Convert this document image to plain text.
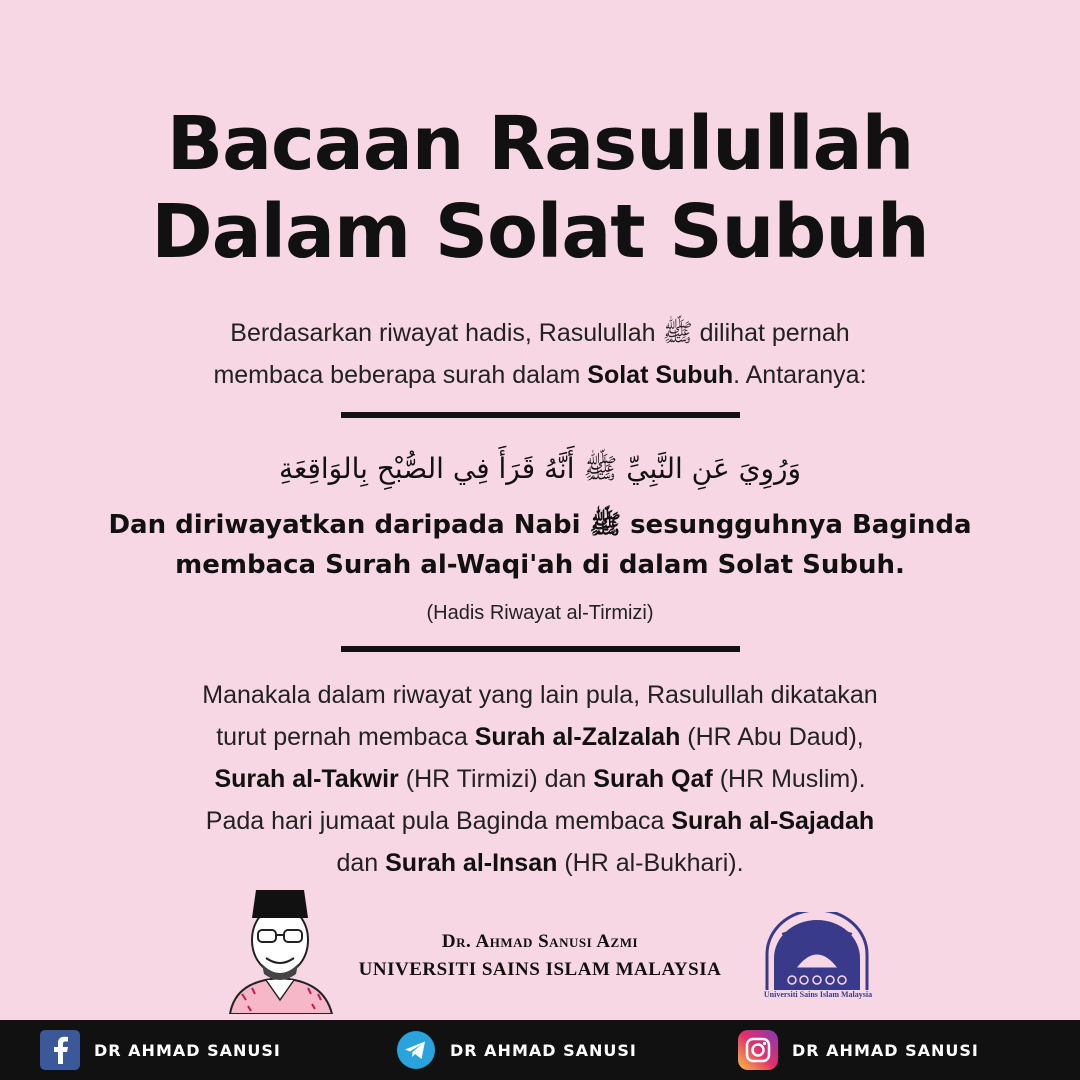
Bacaan Rasulullah
Dalam Solat Subuh
Berdasarkan riwayat hadis, Rasulullah ﷺ dilihat pernah
membaca beberapa surah dalam Solat Subuh. Antaranya:
وَرُوِيَ عَنِ النَّبِيِّ ﷺ أَنَّهُ قَرَأَ فِي الصُّبْحِ بِالوَاقِعَةِ
Dan diriwayatkan daripada Nabi ﷺ sesungguhnya Baginda
membaca Surah al-Waqi'ah di dalam Solat Subuh.
(Hadis Riwayat al-Tirmizi)
Manakala dalam riwayat yang lain pula, Rasulullah dikatakan
turut pernah membaca Surah al-Zalzalah (HR Abu Daud),
Surah al-Takwir (HR Tirmizi) dan Surah Qaf (HR Muslim).
Pada hari jumaat pula Baginda membaca Surah al-Sajadah
dan Surah al-Insan (HR al-Bukhari).
Dr. Ahmad Sanusi Azmi
UNIVERSITI SAINS ISLAM MALAYSIA
Universiti Sains Islam Malaysia
DR AHMAD SANUSI	DR AHMAD SANUSI	DR AHMAD SANUSI
